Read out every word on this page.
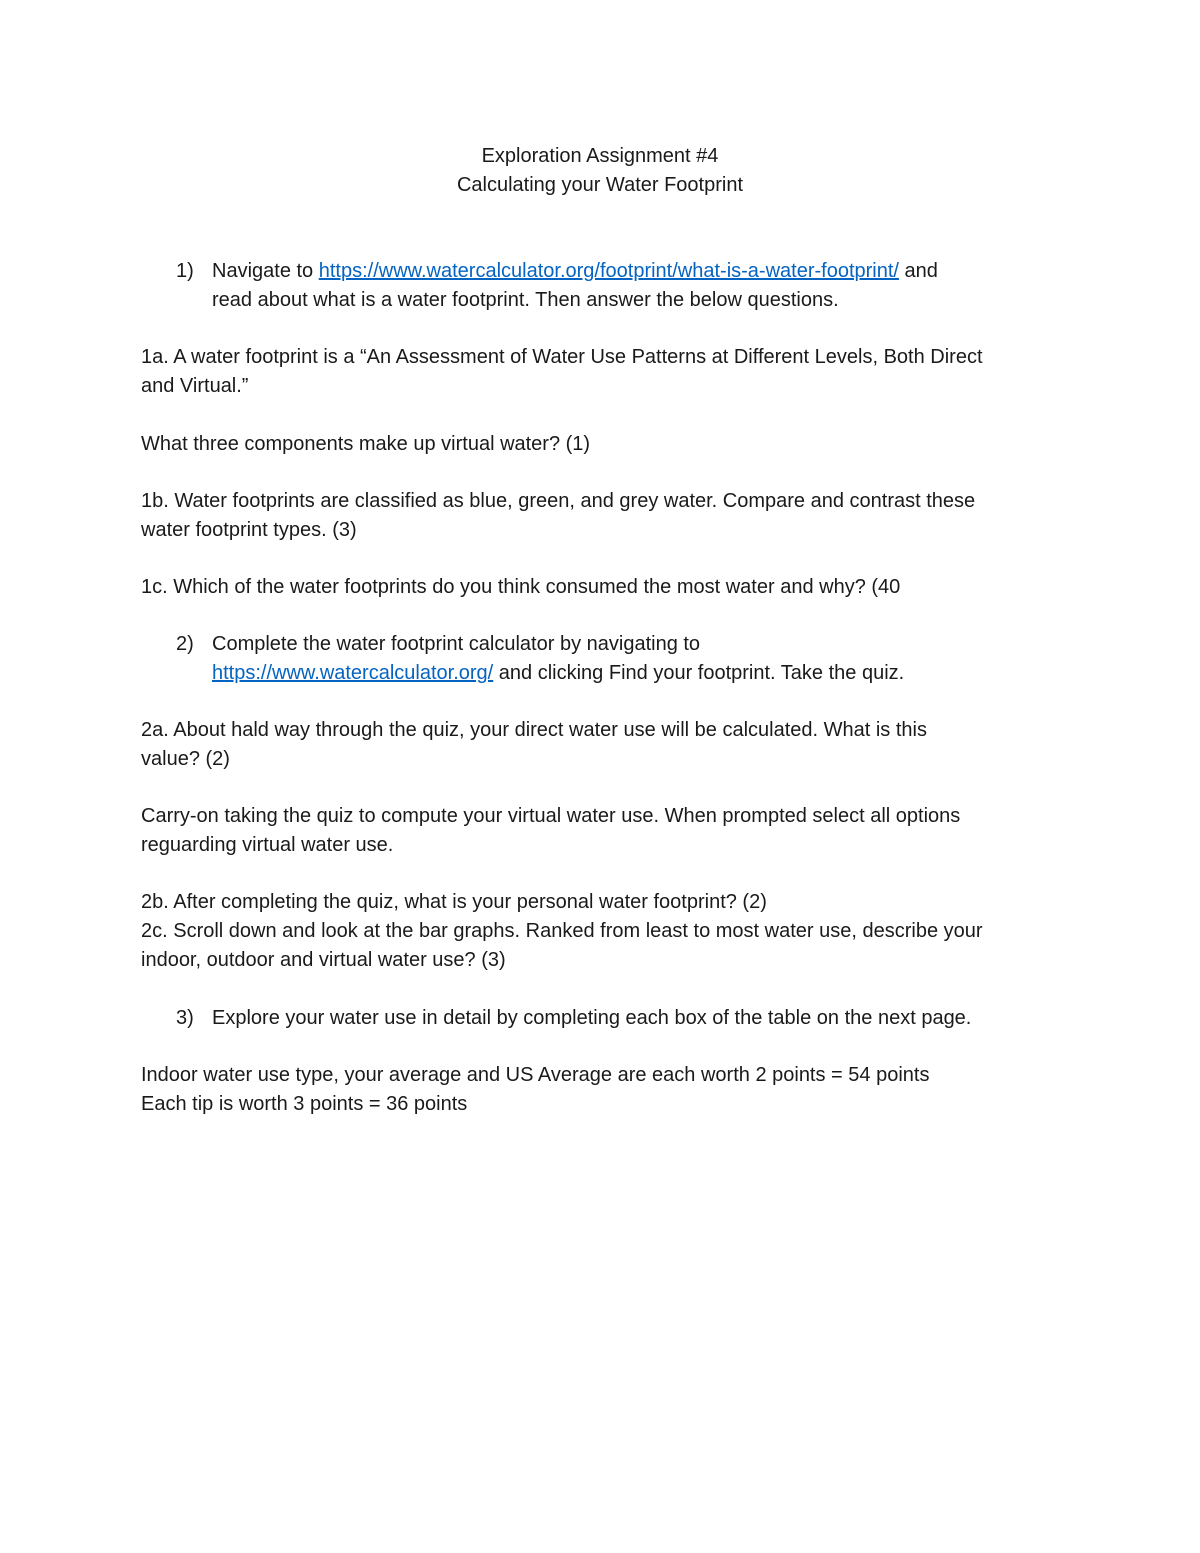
Exploration Assignment #4
Calculating your Water Footprint
1) Navigate to https://www.watercalculator.org/footprint/what-is-a-water-footprint/ and
read about what is a water footprint. Then answer the below questions.
1a. A water footprint is a “An Assessment of Water Use Patterns at Different Levels, Both Direct
and Virtual.”
What three components make up virtual water? (1)
1b. Water footprints are classified as blue, green, and grey water. Compare and contrast these
water footprint types. (3)
1c. Which of the water footprints do you think consumed the most water and why? (40
2) Complete the water footprint calculator by navigating to
https://www.watercalculator.org/ and clicking Find your footprint. Take the quiz.
2a. About hald way through the quiz, your direct water use will be calculated. What is this
value? (2)
Carry-on taking the quiz to compute your virtual water use. When prompted select all options
reguarding virtual water use.
2b. After completing the quiz, what is your personal water footprint? (2)
2c. Scroll down and look at the bar graphs. Ranked from least to most water use, describe your
indoor, outdoor and virtual water use? (3)
3) Explore your water use in detail by completing each box of the table on the next page.
Indoor water use type, your average and US Average are each worth 2 points = 54 points
Each tip is worth 3 points = 36 points
